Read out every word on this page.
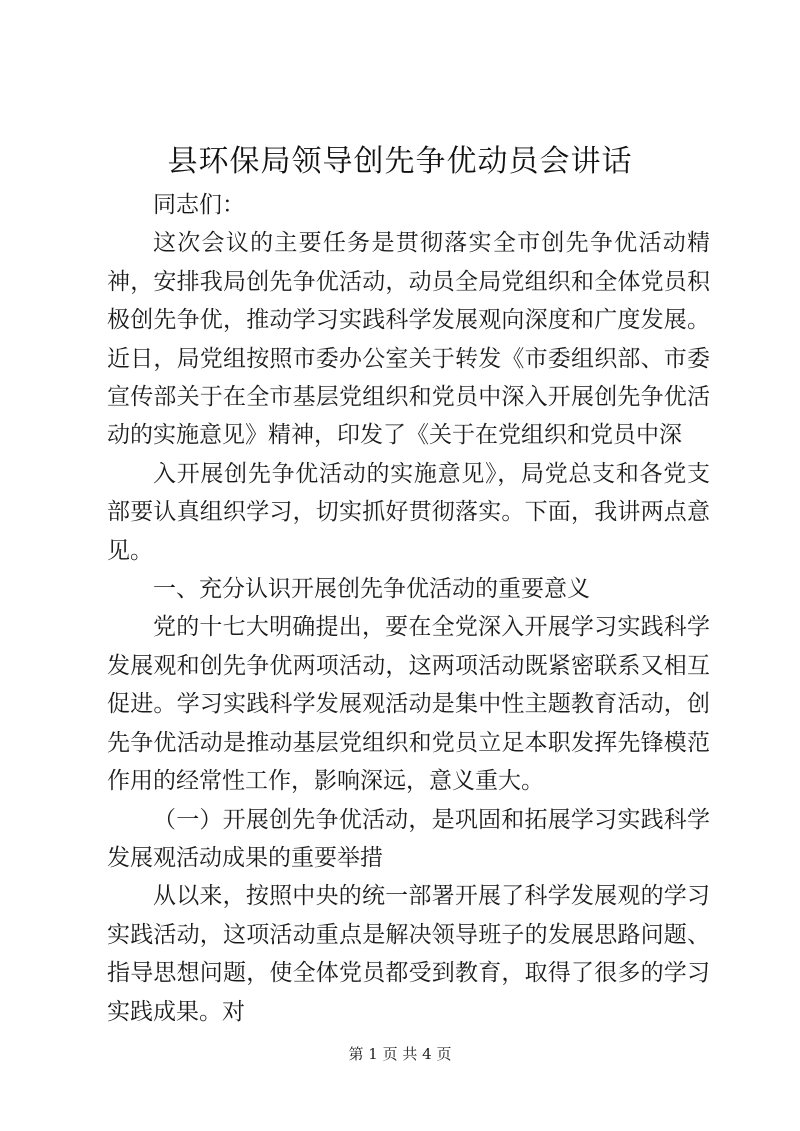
县环保局领导创先争优动员会讲话

同志们：

这次会议的主要任务是贯彻落实全市创先争优活动精神，安排我局创先争优活动，动员全局党组织和全体党员积极创先争优，推动学习实践科学发展观向深度和广度发展。近日，局党组按照市委办公室关于转发《市委组织部、市委宣传部关于在全市基层党组织和党员中深入开展创先争优活动的实施意见》精神，印发了《关于在党组织和党员中深

入开展创先争优活动的实施意见》，局党总支和各党支部要认真组织学习，切实抓好贯彻落实。下面，我讲两点意见。

一、充分认识开展创先争优活动的重要意义

党的十七大明确提出，要在全党深入开展学习实践科学发展观和创先争优两项活动，这两项活动既紧密联系又相互促进。学习实践科学发展观活动是集中性主题教育活动，创先争优活动是推动基层党组织和党员立足本职发挥先锋模范作用的经常性工作，影响深远，意义重大。

（一）开展创先争优活动，是巩固和拓展学习实践科学发展观活动成果的重要举措

从以来，按照中央的统一部署开展了科学发展观的学习实践活动，这项活动重点是解决领导班子的发展思路问题、指导思想问题，使全体党员都受到教育，取得了很多的学习实践成果。对

第 1 页 共 4 页
